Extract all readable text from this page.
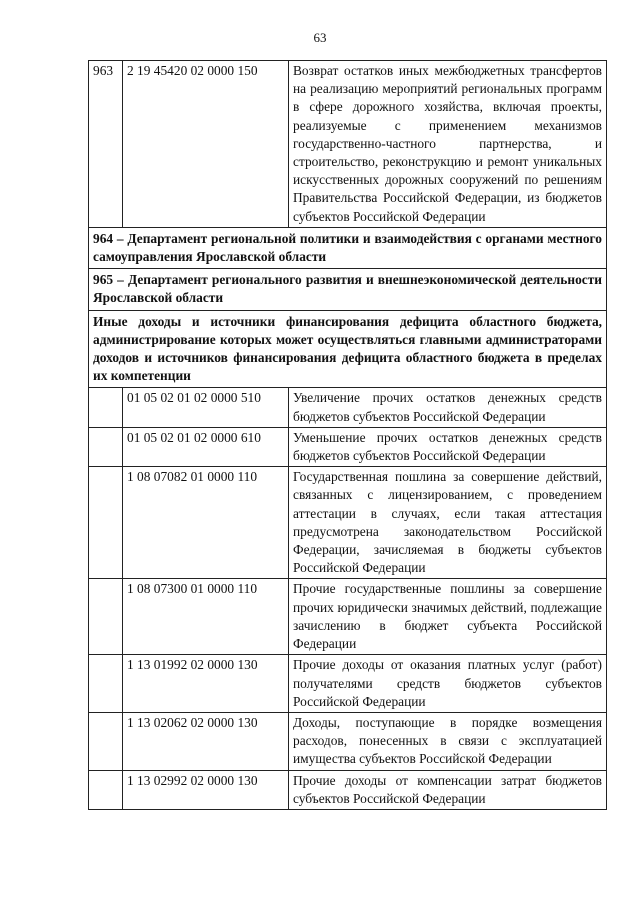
63
963	2 19 45420 02 0000 150	Возврат остатков иных межбюджетных трансфертов на реализацию мероприятий региональных программ в сфере дорожного хозяйства, включая проекты, реализуемые с применением механизмов государственно-частного партнерства, и строительство, реконструкцию и ремонт уникальных искусственных дорожных сооружений по решениям Правительства Российской Федерации, из бюджетов субъектов Российской Федерации
964 – Департамент региональной политики и взаимодействия с органами местного самоуправления Ярославской области		
965 – Департамент регионального развития и внешнеэкономической деятельности Ярославской области		
Иные доходы и источники финансирования дефицита областного бюджета, администрирование которых может осуществляться главными администраторами доходов и источников финансирования дефицита областного бюджета в пределах их компетенции		
	01 05 02 01 02 0000 510	Увеличение прочих остатков денежных средств бюджетов субъектов Российской Федерации
	01 05 02 01 02 0000 610	Уменьшение прочих остатков денежных средств бюджетов субъектов Российской Федерации
	1 08 07082 01 0000 110	Государственная пошлина за совершение действий, связанных с лицензированием, с проведением аттестации в случаях, если такая аттестация предусмотрена законодательством Российской Федерации, зачисляемая в бюджеты субъектов Российской Федерации
	1 08 07300 01 0000 110	Прочие государственные пошлины за совершение прочих юридически значимых действий, подлежащие зачислению в бюджет субъекта Российской Федерации
	1 13 01992 02 0000 130	Прочие доходы от оказания платных услуг (работ) получателями средств бюджетов субъектов Российской Федерации
	1 13 02062 02 0000 130	Доходы, поступающие в порядке возмещения расходов, понесенных в связи с эксплуатацией имущества субъектов Российской Федерации
	1 13 02992 02 0000 130	Прочие доходы от компенсации затрат бюджетов субъектов Российской Федерации
